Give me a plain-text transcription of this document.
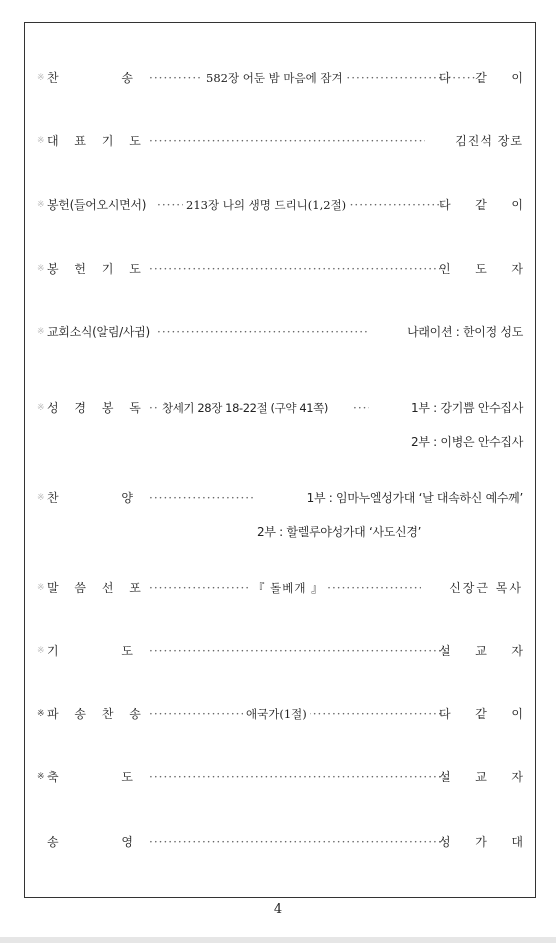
※ 찬	송 ·····	582장 어둔 밤 마음에 잠겨	다 같 이
※ 대 표 기 도 ·····	김진석 장로
※ 봉헌(들어오시면서) ·····	213장 나의 생명 드리니(1,2절)	다 같 이
※ 봉 헌 기 도 ·····	인 도 자
※ 교회소식(알림/사귐) ·····	나래이션 : 한이정 성도
※ 성 경 봉 독 ····· 창세기 28장 18-22절 (구약 41쪽) ·····	1부 : 강기쁨 안수집사
2부 : 이병은 안수집사
※ 찬	양 ·····	1부 : 임마누엘성가대 ‘날 대속하신 예수께’
2부 : 할렐루야성가대 ‘사도신경’
※ 말 씀 선 포 ·····	『 돌베개 』	신장근 목사
※ 기	도 ·····	설 교 자
※ 파 송 찬 송 ·····	애국가(1절)	다 같 이
※ 축	도 ·····	설 교 자
송	영 ·····	성 가 대
4
